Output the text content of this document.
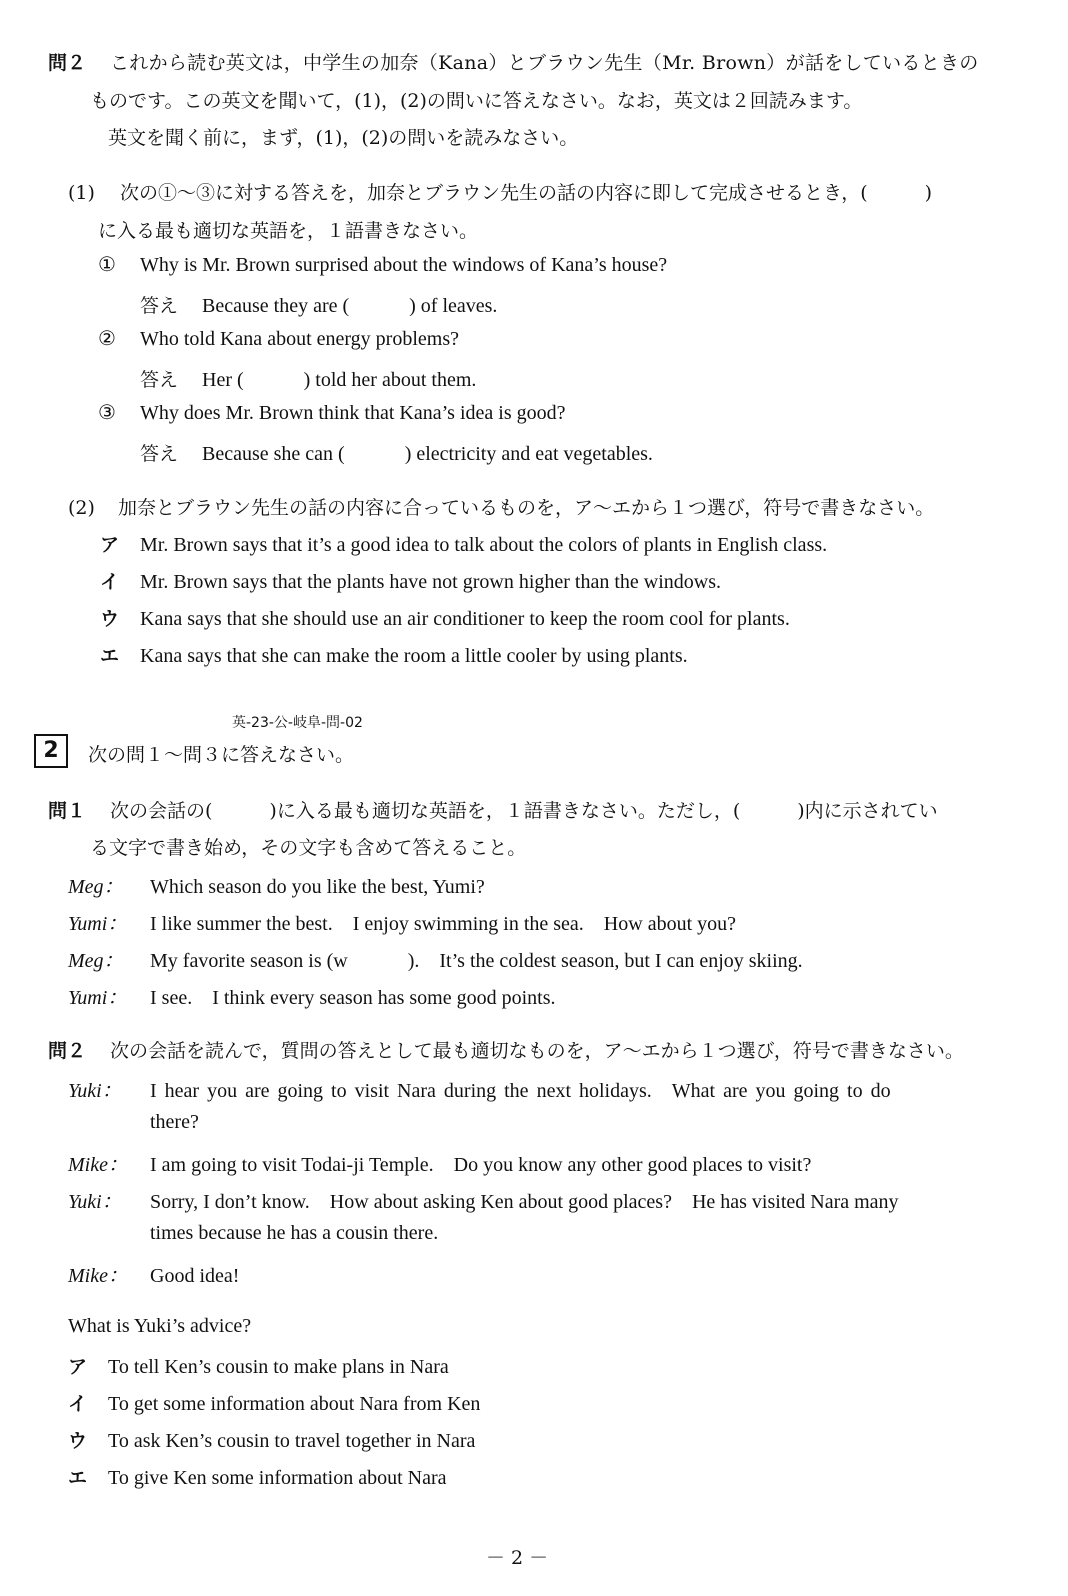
問２ これから読む英文は，中学生の加奈（Kana）とブラウン先生（Mr. Brown）が話をしているときの
ものです。この英文を聞いて，(1)，(2)の問いに答えなさい。なお，英文は２回読みます。
英文を聞く前に，まず，(1)，(2)の問いを読みなさい。
(1) 次の①～③に対する答えを，加奈とブラウン先生の話の内容に即して完成させるとき，(　　　)
に入る最も適切な英語を，１語書きなさい。
① Why is Mr. Brown surprised about the windows of Kana’s house?
答え Because they are (　　　) of leaves.
② Who told Kana about energy problems?
答え Her (　　　) told her about them.
③ Why does Mr. Brown think that Kana’s idea is good?
答え Because she can (　　　) electricity and eat vegetables.
(2) 加奈とブラウン先生の話の内容に合っているものを，ア～エから１つ選び，符号で書きなさい。
ア Mr. Brown says that it’s a good idea to talk about the colors of plants in English class.
イ Mr. Brown says that the plants have not grown higher than the windows.
ウ Kana says that she should use an air conditioner to keep the room cool for plants.
エ Kana says that she can make the room a little cooler by using plants.
英-23-公-岐阜-問-02
2	次の問１～問３に答えなさい。
問１ 次の会話の(　　　)に入る最も適切な英語を，１語書きなさい。ただし，(　　　)内に示されてい
る文字で書き始め，その文字も含めて答えること。
Meg： Which season do you like the best, Yumi?
Yumi： I like summer the best.　I enjoy swimming in the sea.　How about you?
Meg： My favorite season is (w　　　).　It’s the coldest season, but I can enjoy skiing.
Yumi： I see.　I think every season has some good points.
問２ 次の会話を読んで，質問の答えとして最も適切なものを，ア～エから１つ選び，符号で書きなさい。
Yuki： I hear you are going to visit Nara during the next holidays.　What are you going to do
there?
Mike： I am going to visit Todai-ji Temple.　Do you know any other good places to visit?
Yuki： Sorry, I don’t know.　How about asking Ken about good places?　He has visited Nara many
times because he has a cousin there.
Mike： Good idea!
What is Yuki’s advice?
ア To tell Ken’s cousin to make plans in Nara
イ To get some information about Nara from Ken
ウ To ask Ken’s cousin to travel together in Nara
エ To give Ken some information about Nara
－ 2 －
